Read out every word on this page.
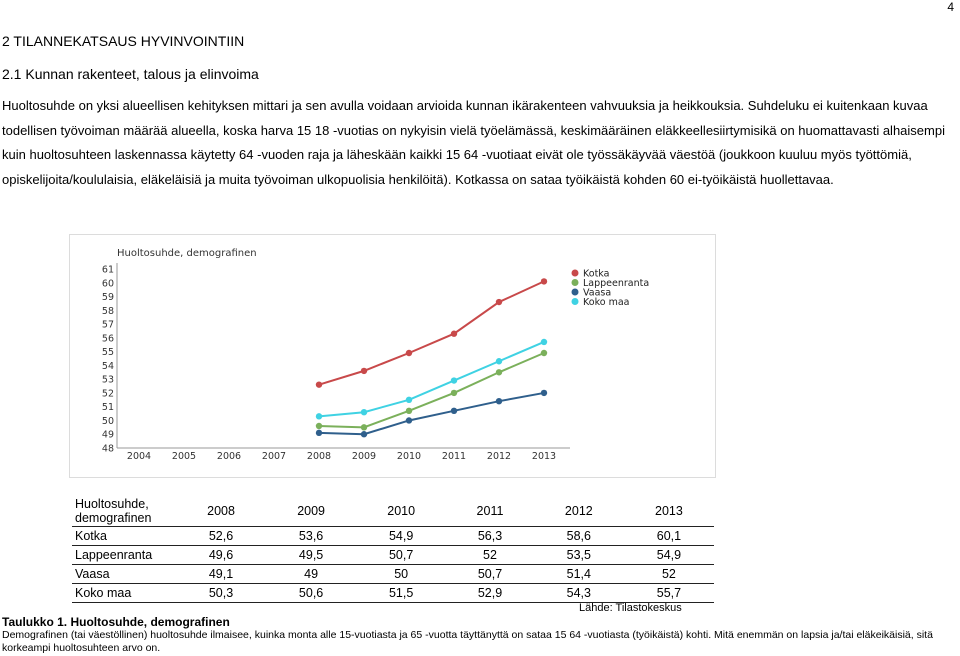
4
2 TILANNEKATSAUS HYVINVOINTIIN
2.1 Kunnan rakenteet, talous ja elinvoima

Huoltosuhde on yksi alueellisen kehityksen mittari ja sen avulla voidaan arvioida kunnan ikärakenteen vahvuuksia ja heikkouksia. Suhdeluku ei kuitenkaan kuvaa todellisen työvoiman määrää alueella, koska harva 15 18 -vuotias on nykyisin vielä työelämässä, keskimääräinen eläkkeellesiirtymisikä on huomattavasti alhaisempi kuin huoltosuhteen laskennassa käytetty 64 -vuoden raja ja läheskään kaikki 15 64 -vuotiaat eivät ole työssäkäyvää väestöä (joukkoon kuuluu myös työttömiä, opiskelijoita/koululaisia, eläkeläisiä ja muita työvoiman ulkopuolisia henkilöitä). Kotkassa on sataa työikäistä kohden 60 ei-työikäistä huollettavaa.

Huoltosuhde, demografinen
48
49
50
51
52
53
54
55
56
57
58
59
60
61
2004 2005 2006 2007 2008 2009 2010 2011 2012 2013
Kotka
Lappeenranta
Vaasa
Koko maa
Huoltosuhde, demografinen	2008	2009	2010	2011	2012	2013
Kotka	52,6	53,6	54,9	56,3	58,6	60,1
Lappeenranta	49,6	49,5	50,7	52	53,5	54,9
Vaasa	49,1	49	50	50,7	51,4	52
Koko maa	50,3	50,6	51,5	52,9	54,3	55,7
Lähde: Tilastokeskus
Taulukko 1. Huoltosuhde, demografinen

Demografinen (tai väestöllinen) huoltosuhde ilmaisee, kuinka monta alle 15-vuotiasta ja 65 -vuotta täyttänyttä on sataa 15 64 -vuotiasta (työikäistä) kohti. Mitä enemmän on lapsia ja/tai eläkeikäisiä, sitä korkeampi huoltosuhteen arvo on.
